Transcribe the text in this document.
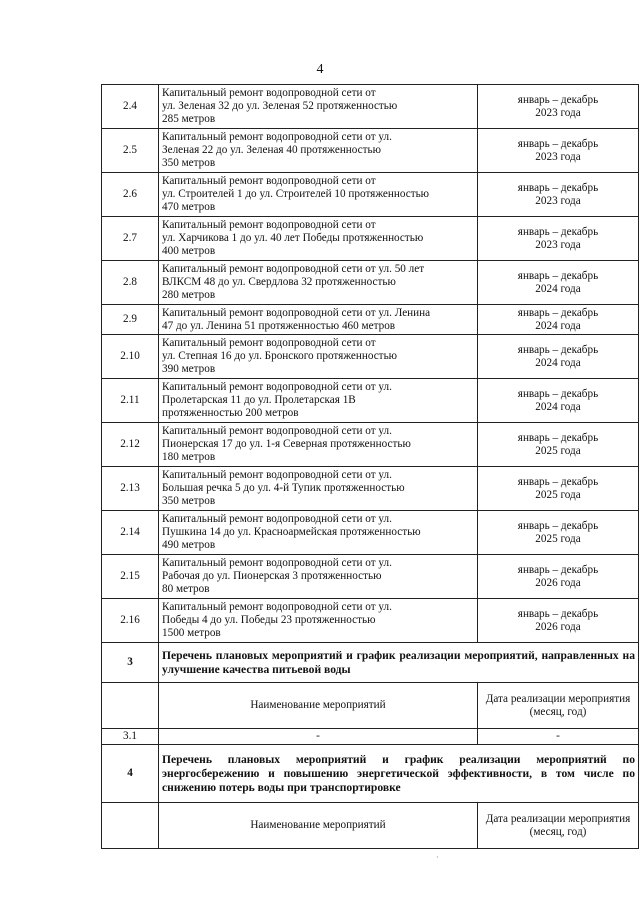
4
2.4	Капитальный ремонт водопроводной сети от
ул. Зеленая 32 до ул. Зеленая 52 протяженностью
285 метров	январь – декабрь
2023 года

2.5	Капитальный ремонт водопроводной сети от ул.
Зеленая 22 до ул. Зеленая 40 протяженностью
350 метров	январь – декабрь
2023 года

2.6	Капитальный ремонт водопроводной сети от
ул. Строителей 1 до ул. Строителей 10 протяженностью
470 метров	январь – декабрь
2023 года

2.7	Капитальный ремонт водопроводной сети от
ул. Харчикова 1 до ул. 40 лет Победы протяженностью
400 метров	январь – декабрь
2023 года

2.8	Капитальный ремонт водопроводной сети от ул. 50 лет
ВЛКСМ 48 до ул. Свердлова 32 протяженностью
280 метров	январь – декабрь
2024 года

2.9	Капитальный ремонт водопроводной сети от ул. Ленина
47 до ул. Ленина 51 протяженностью 460 метров	январь – декабрь
2024 года

2.10	Капитальный ремонт водопроводной сети от
ул. Степная 16 до ул. Бронского протяженностью
390 метров	январь – декабрь
2024 года

2.11	Капитальный ремонт водопроводной сети от ул.
Пролетарская 11 до ул. Пролетарская 1В
протяженностью 200 метров	январь – декабрь
2024 года

2.12	Капитальный ремонт водопроводной сети от ул.
Пионерская 17 до ул. 1-я Северная протяженностью
180 метров	январь – декабрь
2025 года

2.13	Капитальный ремонт водопроводной сети от ул.
Большая речка 5 до ул. 4-й Тупик протяженностью
350 метров	январь – декабрь
2025 года

2.14	Капитальный ремонт водопроводной сети от ул.
Пушкина 14 до ул. Красноармейская протяженностью
490 метров	январь – декабрь
2025 года

2.15	Капитальный ремонт водопроводной сети от ул.
Рабочая до ул. Пионерская 3 протяженностью
80 метров	январь – декабрь
2026 года

2.16	Капитальный ремонт водопроводной сети от ул.
Победы 4 до ул. Победы 23 протяженностью
1500 метров	январь – декабрь
2026 года

3	Перечень плановых мероприятий и график реализации мероприятий, направленных на улучшение качества питьевой воды	
	Наименование мероприятий	Дата реализации мероприятия (месяц, год)
3.1	-	-
4	Перечень плановых мероприятий и график реализации мероприятий по энергосбережению и повышению энергетической эффективности, в том числе по снижению потерь воды при транспортировке	
	Наименование мероприятий	Дата реализации мероприятия (месяц, год)
·
